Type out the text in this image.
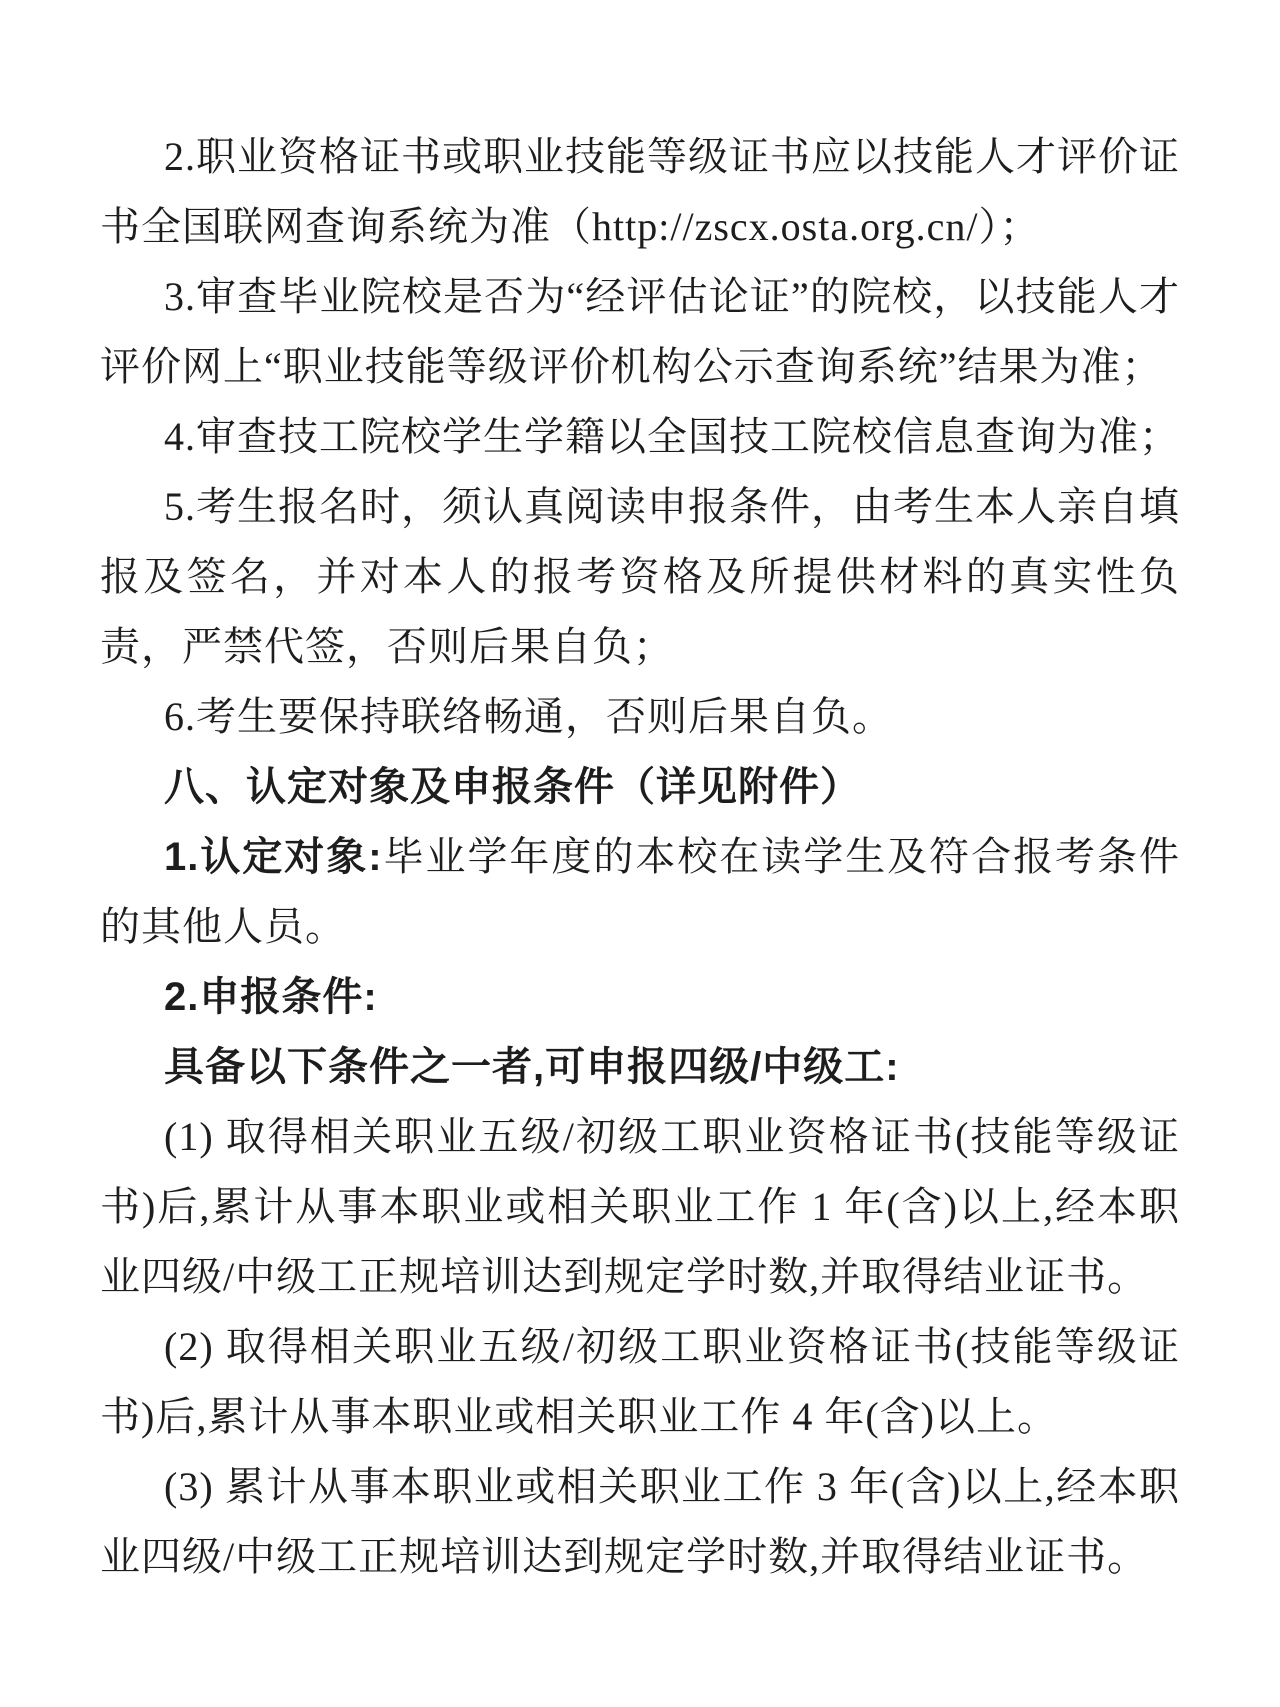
2.职业资格证书或职业技能等级证书应以技能人才评价证书全国联网查询系统为准（http://zscx.osta.org.cn/）；

3.审查毕业院校是否为“经评估论证”的院校，以技能人才评价网上“职业技能等级评价机构公示查询系统”结果为准；

4.审查技工院校学生学籍以全国技工院校信息查询为准；

5.考生报名时，须认真阅读申报条件，由考生本人亲自填报及签名，并对本人的报考资格及所提供材料的真实性负责，严禁代签，否则后果自负；

6.考生要保持联络畅通，否则后果自负。

八、认定对象及申报条件（详见附件）

1.认定对象:毕业学年度的本校在读学生及符合报考条件的其他人员。

2.申报条件:

具备以下条件之一者,可申报四级/中级工:

(1) 取得相关职业五级/初级工职业资格证书(技能等级证书)后,累计从事本职业或相关职业工作 1 年(含)以上,经本职业四级/中级工正规培训达到规定学时数,并取得结业证书。

(2) 取得相关职业五级/初级工职业资格证书(技能等级证书)后,累计从事本职业或相关职业工作 4 年(含)以上。

(3) 累计从事本职业或相关职业工作 3 年(含)以上,经本职业四级/中级工正规培训达到规定学时数,并取得结业证书。
